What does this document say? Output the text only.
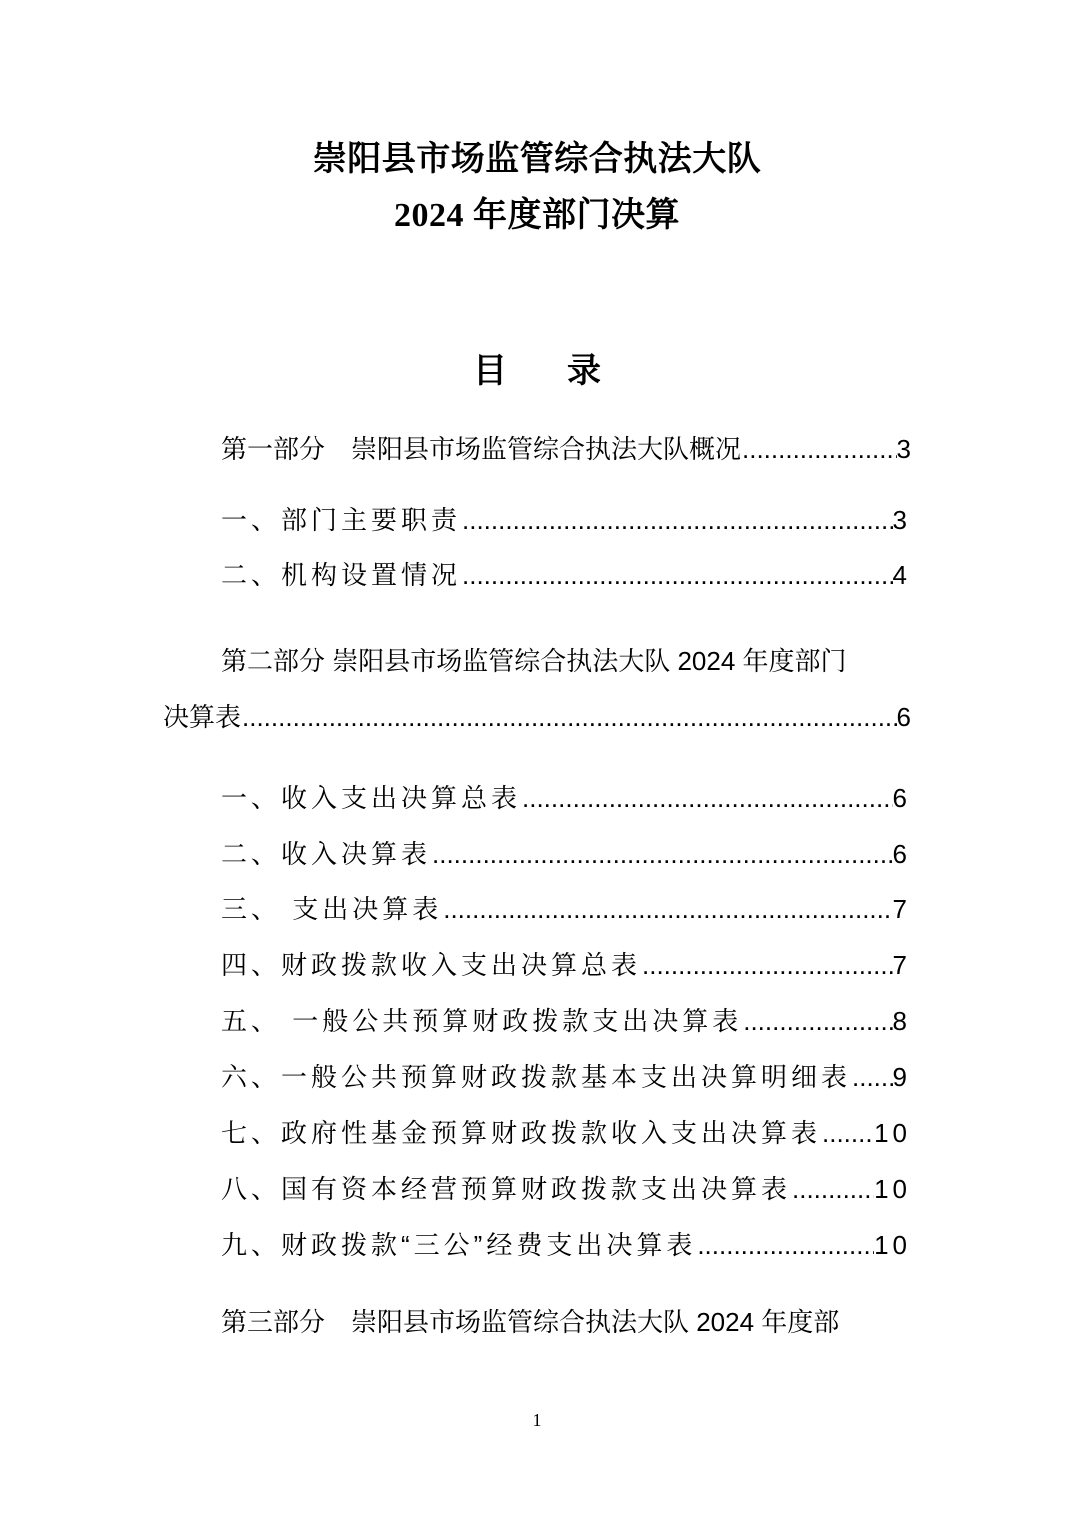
崇阳县市场监管综合执法大队
2024 年度部门决算
目录
第一部分　崇阳县市场监管综合执法大队概况 .....	3
一、部门主要职责 .....	3
二、机构设置情况 .....	4
第二部分 崇阳县市场监管综合执法大队 2024 年度部门
决算表 .....	6
一、收入支出决算总表 .....	6
二、收入决算表 .....	6
三、 支出决算表 .....	7
四、财政拨款收入支出决算总表 .....	7
五、 一般公共预算财政拨款支出决算表 .....	8
六、一般公共预算财政拨款基本支出决算明细表 ..... 9
七、政府性基金预算财政拨款收入支出决算表 ..... 10
八、国有资本经营预算财政拨款支出决算表 .....	10
九、财政拨款“三公”经费支出决算表 .....	10
第三部分　崇阳县市场监管综合执法大队 2024 年度部
1
